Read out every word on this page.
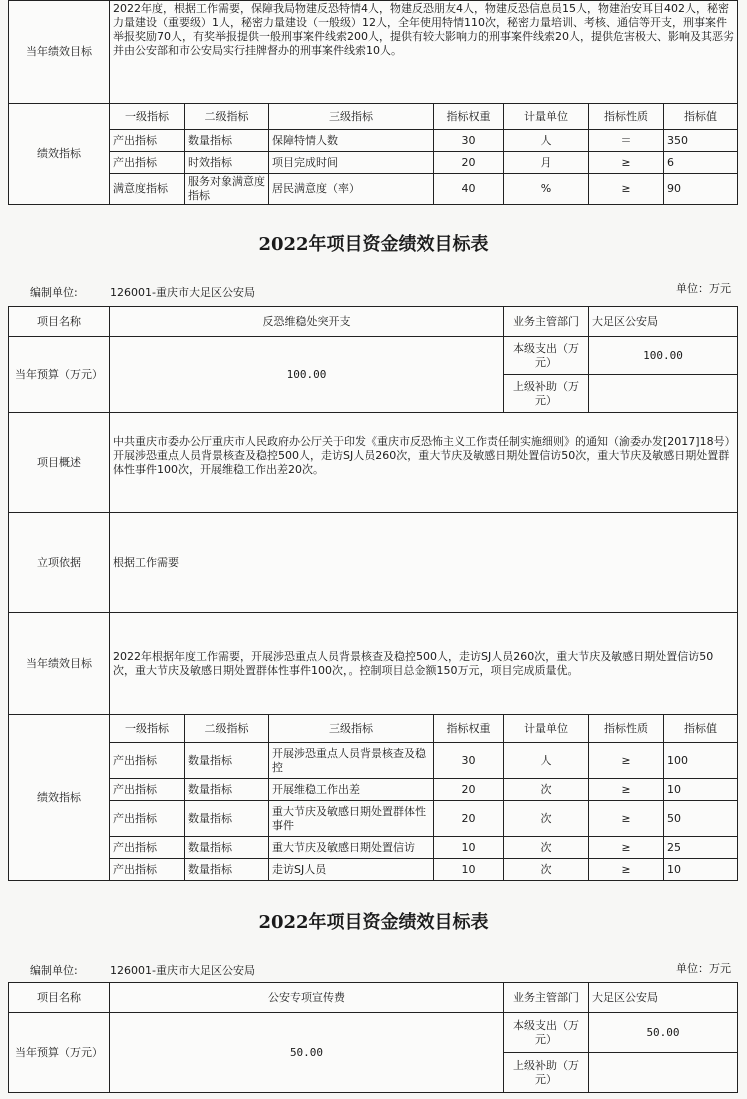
当年绩效目标	2022年度，根据工作需要，保障我局物建反恐特情4人，物建反恐朋友4人，物建反恐信息员15人，物建治安耳目402人，秘密力量建设（重要级）1人，秘密力量建设（一般级）12人，全年使用特情110次，秘密力量培训、考核、通信等开支，刑事案件举报奖励70人，有奖举报提供一般刑事案件线索200人，提供有较大影响力的刑事案件线索20人，提供危害极大、影响及其恶劣并由公安部和市公安局实行挂牌督办的刑事案件线索10人。						
绩效指标	一级指标	二级指标	三级指标	指标权重	计量单位	指标性质	指标值
	产出指标	数量指标	保障特情人数	30	人	＝	350
	产出指标	时效指标	项目完成时间	20	月	≥	6
	满意度指标	服务对象满意度指标	居民满意度（率）	40	%	≥	90
2022年项目资金绩效目标表
编制单位:	126001-重庆市大足区公安局	单位：万元
项目名称	反恐维稳处突开支				业务主管部门	大足区公安局	
当年预算（万元）	100.00				本级支出（万元）	100.00	
					上级补助（万元）		
项目概述	中共重庆市委办公厅重庆市人民政府办公厅关于印发《重庆市反恐怖主义工作责任制实施细则》的通知（渝委办发[2017]18号）开展涉恐重点人员背景核查及稳控500人，走访SJ人员260次，重大节庆及敏感日期处置信访50次，重大节庆及敏感日期处置群体性事件100次，开展维稳工作出差20次。						
立项依据	根据工作需要						
当年绩效目标	2022年根据年度工作需要，开展涉恐重点人员背景核查及稳控500人，走访SJ人员260次，重大节庆及敏感日期处置信访50次，重大节庆及敏感日期处置群体性事件100次，。控制项目总金额150万元，项目完成质量优。						
绩效指标	一级指标	二级指标	三级指标	指标权重	计量单位	指标性质	指标值
	产出指标	数量指标	开展涉恐重点人员背景核查及稳控	30	人	≥	100
	产出指标	数量指标	开展维稳工作出差	20	次	≥	10
	产出指标	数量指标	重大节庆及敏感日期处置群体性事件	20	次	≥	50
	产出指标	数量指标	重大节庆及敏感日期处置信访	10	次	≥	25
	产出指标	数量指标	走访SJ人员	10	次	≥	10
2022年项目资金绩效目标表
编制单位:	126001-重庆市大足区公安局	单位：万元
项目名称	公安专项宣传费	业务主管部门	大足区公安局
当年预算（万元）	50.00	本级支出（万元）	50.00
		上级补助（万元）	
